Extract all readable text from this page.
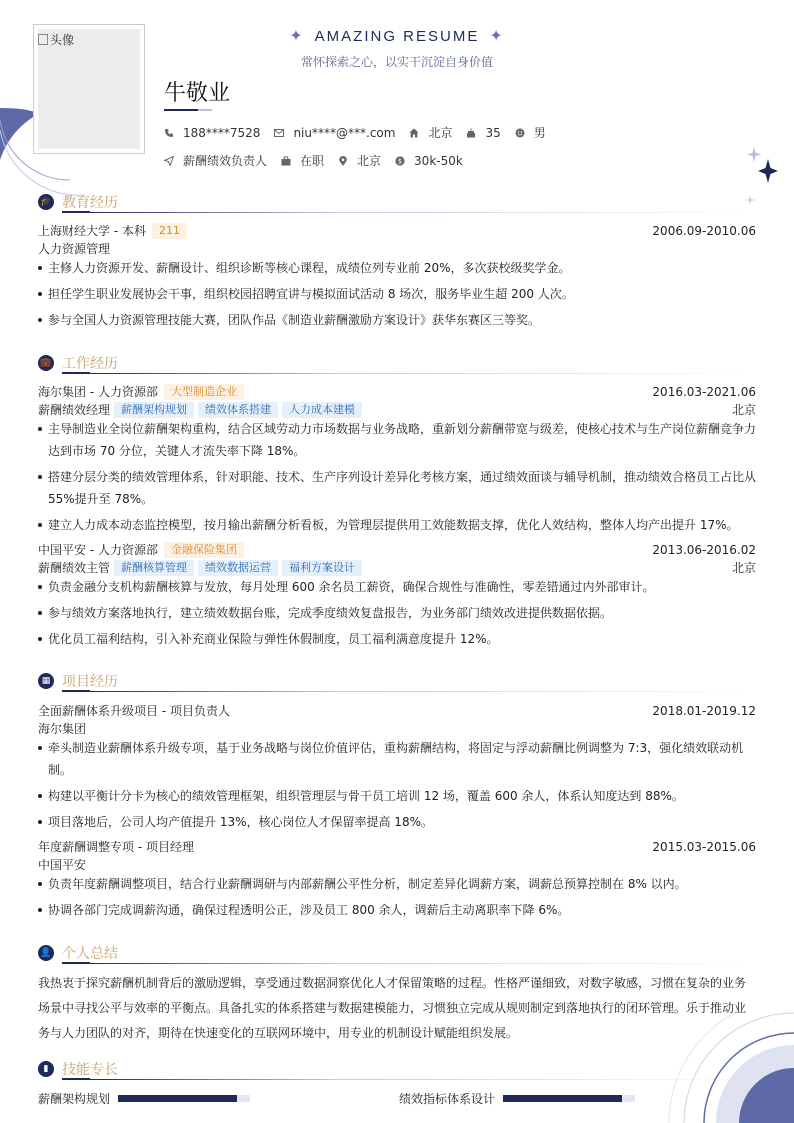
头像	✦ AMAZING RESUME ✦
常怀探索之心，以实干沉淀自身价值
牛敬业
188****7528	niu****@***.com	北京	35	男
薪酬绩效负责人	在职	北京 $ 30k-50k
🎓 教育经历
上海财经大学 - 本科	211	2006.09-2010.06
人力资源管理
主修人力资源开发、薪酬设计、组织诊断等核心课程，成绩位列专业前 20%，多次获校级奖学金。
担任学生职业发展协会干事，组织校园招聘宣讲与模拟面试活动 8 场次，服务毕业生超 200 人次。
参与全国人力资源管理技能大赛，团队作品《制造业薪酬激励方案设计》获华东赛区三等奖。
💼 工作经历
海尔集团 - 人力资源部	大型制造企业	2016.03-2021.06
薪酬绩效经理	薪酬架构规划	绩效体系搭建	人力成本建模	北京
主导制造业全岗位薪酬架构重构，结合区域劳动力市场数据与业务战略，重新划分薪酬带宽与级差，使核心技术与生产岗位薪酬竞争力达到市场 70 分位，关键人才流失率下降 18%。
搭建分层分类的绩效管理体系，针对职能、技术、生产序列设计差异化考核方案，通过绩效面谈与辅导机制，推动绩效合格员工占比从 55%提升至 78%。
建立人力成本动态监控模型，按月输出薪酬分析看板，为管理层提供用工效能数据支撑，优化人效结构，整体人均产出提升 17%。
中国平安 - 人力资源部	金融保险集团	2013.06-2016.02
薪酬绩效主管	薪酬核算管理	绩效数据运营	福利方案设计	北京
负责金融分支机构薪酬核算与发放，每月处理 600 余名员工薪资，确保合规性与准确性，零差错通过内外部审计。
参与绩效方案落地执行，建立绩效数据台账，完成季度绩效复盘报告，为业务部门绩效改进提供数据依据。
优化员工福利结构，引入补充商业保险与弹性休假制度，员工福利满意度提升 12%。
▦ 项目经历
全面薪酬体系升级项目 - 项目负责人	2018.01-2019.12
海尔集团
牵头制造业薪酬体系升级专项，基于业务战略与岗位价值评估，重构薪酬结构，将固定与浮动薪酬比例调整为 7:3，强化绩效联动机制。
构建以平衡计分卡为核心的绩效管理框架，组织管理层与骨干员工培训 12 场，覆盖 600 余人，体系认知度达到 88%。
项目落地后，公司人均产值提升 13%，核心岗位人才保留率提高 18%。
年度薪酬调整专项 - 项目经理	2015.03-2015.06
中国平安
负责年度薪酬调整项目，结合行业薪酬调研与内部薪酬公平性分析，制定差异化调薪方案，调薪总预算控制在 8% 以内。
协调各部门完成调薪沟通，确保过程透明公正，涉及员工 800 余人，调薪后主动离职率下降 6%。
👤 个人总结
我热衷于探究薪酬机制背后的激励逻辑，享受通过数据洞察优化人才保留策略的过程。性格严谨细致，对数字敏感，习惯在复杂的业务场景中寻找公平与效率的平衡点。具备扎实的体系搭建与数据建模能力，习惯独立完成从规则制定到落地执行的闭环管理。乐于推动业务与人力团队的对齐，期待在快速变化的互联网环境中，用专业的机制设计赋能组织发展。
▮ 技能专长
薪酬架构规划	绩效指标体系设计
